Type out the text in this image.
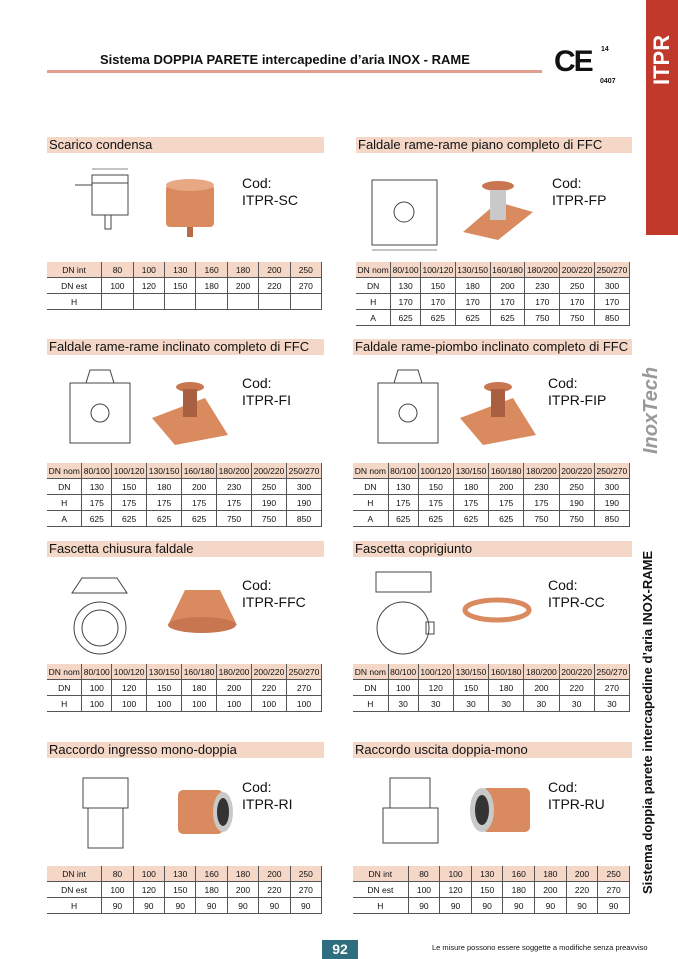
Sistema DOPPIA PARETE intercapedine d’aria INOX - RAME	CE 14
0407 ITPR
InoxTech
Sistema doppia parete intercapedine d’aria INOX-RAME
Scarico condensa
Cod:
ITPR-SC
DN int	80	100	130	160	180	200	250
DN est	100	120	150	180	200	220	270
H							
Faldale rame-rame piano completo di FFC
Cod:
ITPR-FP
DN nom	80/100	100/120	130/150	160/180	180/200	200/220	250/270
DN	130	150	180	200	230	250	300
H	170	170	170	170	170	170	170
A	625	625	625	625	750	750	850
Faldale rame-rame inclinato completo di FFC
Cod:
ITPR-FI
DN nom	80/100	100/120	130/150	160/180	180/200	200/220	250/270
DN	130	150	180	200	230	250	300
H	175	175	175	175	175	190	190
A	625	625	625	625	750	750	850
Faldale rame-piombo inclinato completo di FFC
Cod:
ITPR-FIP
DN nom	80/100	100/120	130/150	160/180	180/200	200/220	250/270
DN	130	150	180	200	230	250	300
H	175	175	175	175	175	190	190
A	625	625	625	625	750	750	850
Fascetta chiusura faldale
Cod:
ITPR-FFC
DN nom	80/100	100/120	130/150	160/180	180/200	200/220	250/270
DN	100	120	150	180	200	220	270
H	100	100	100	100	100	100	100
Fascetta coprigiunto
Cod:
ITPR-CC
DN nom	80/100	100/120	130/150	160/180	180/200	200/220	250/270
DN	100	120	150	180	200	220	270
H	30	30	30	30	30	30	30
Raccordo ingresso mono-doppia
Cod:
ITPR-RI
DN int	80	100	130	160	180	200	250
DN est	100	120	150	180	200	220	270
H	90	90	90	90	90	90	90
Raccordo uscita doppia-mono
Cod:
ITPR-RU
DN int	80	100	130	160	180	200	250
DN est	100	120	150	180	200	220	270
H	90	90	90	90	90	90	90
92	Le misure possono essere soggette a modifiche senza preavviso
